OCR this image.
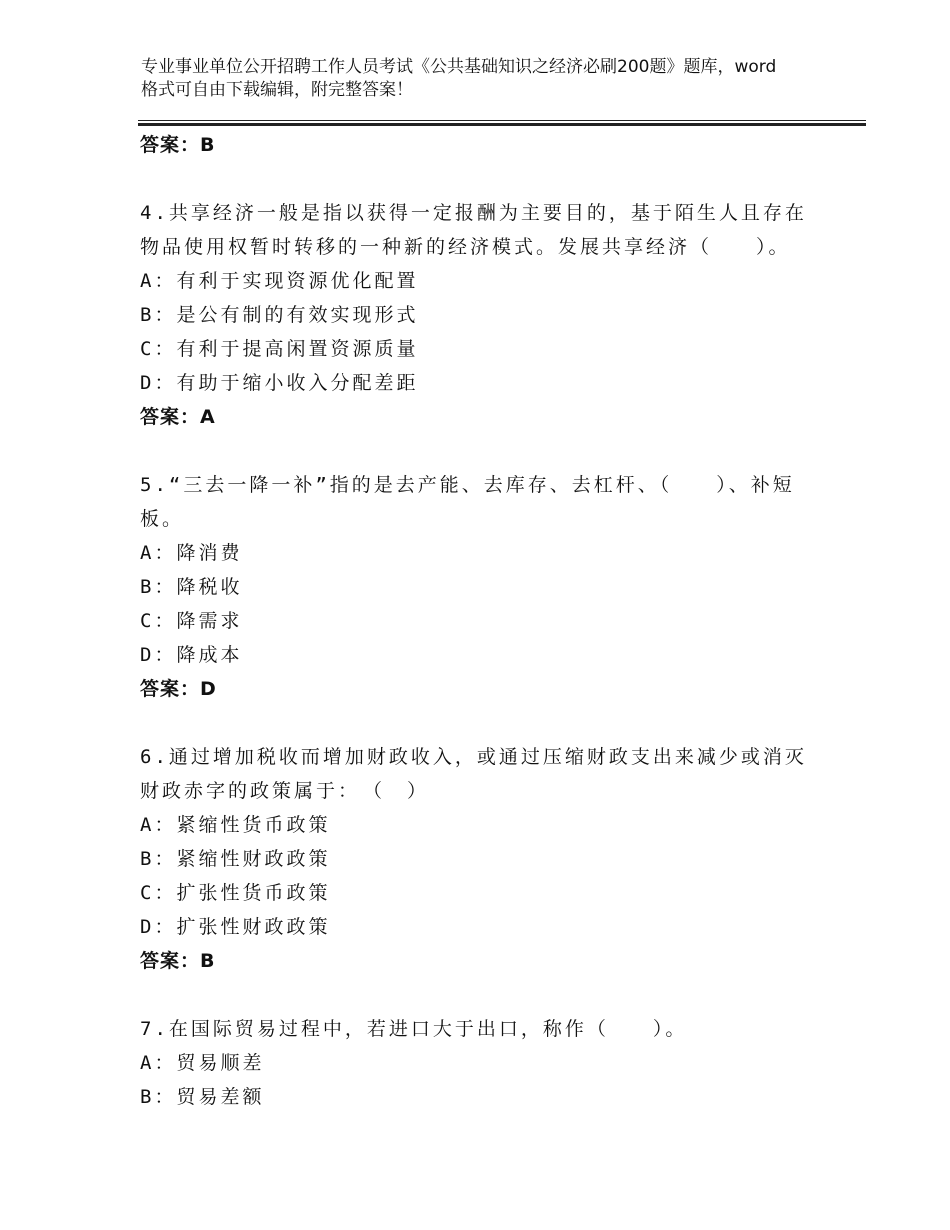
专业事业单位公开招聘工作人员考试《公共基础知识之经济必刷200题》题库，word格式可自由下载编辑，附完整答案！
答案：B
4.共享经济一般是指以获得一定报酬为主要目的，基于陌生人且存在物品使用权暂时转移的一种新的经济模式。发展共享经济（　　）。
A：有利于实现资源优化配置
B：是公有制的有效实现形式
C：有利于提高闲置资源质量
D：有助于缩小收入分配差距
答案：A
5.“三去一降一补”指的是去产能、去库存、去杠杆、（　　）、补短板。
A：降消费
B：降税收
C：降需求
D：降成本
答案：D
6.通过增加税收而增加财政收入，或通过压缩财政支出来减少或消灭财政赤字的政策属于：　（　）
A：紧缩性货币政策
B：紧缩性财政政策
C：扩张性货币政策
D：扩张性财政政策
答案：B
7.在国际贸易过程中，若进口大于出口，称作（　　）。
A：贸易顺差
B：贸易差额
